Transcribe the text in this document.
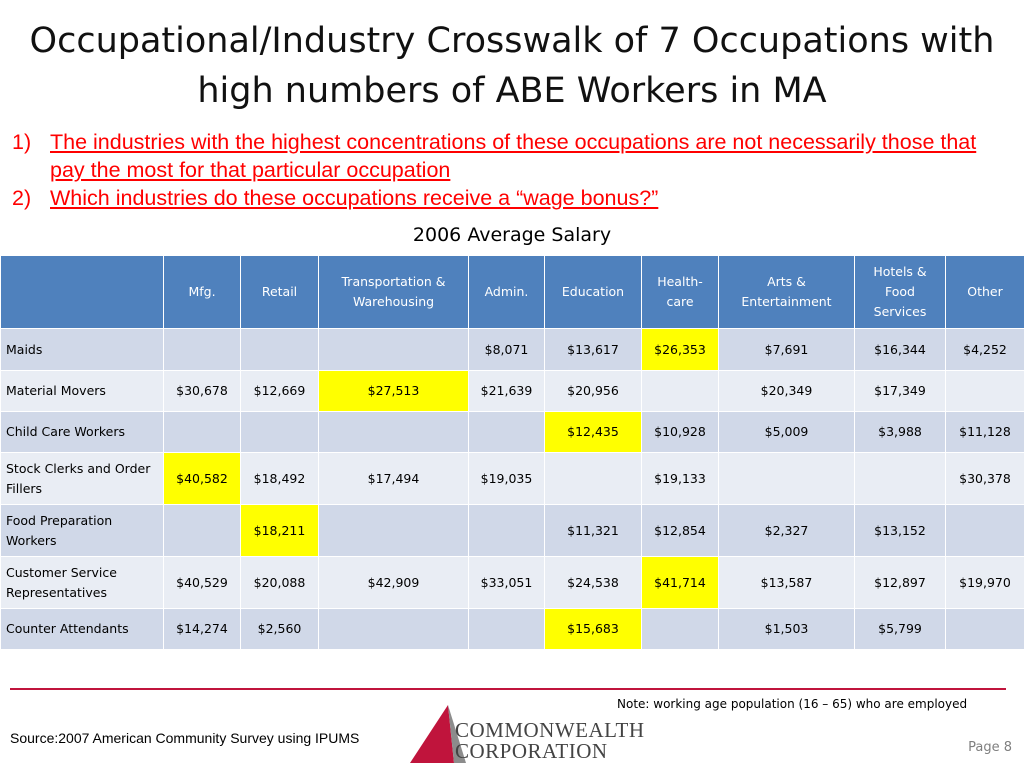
Occupational/Industry Crosswalk of 7 Occupations with
high numbers of ABE Workers in MA
1) The industries with the highest concentrations of these occupations are not necessarily those that pay the most for that particular occupation
2) Which industries do these occupations receive a “wage bonus?”
2006 Average Salary
	Mfg.	Retail	Transportation & Warehousing	Admin.	Education	Health-care	Arts & Entertainment	Hotels & Food Services	Other
Maids				$8,071	$13,617	$26,353	$7,691	$16,344	$4,252
Material Movers	$30,678	$12,669	$27,513	$21,639	$20,956		$20,349	$17,349	
Child Care Workers					$12,435	$10,928	$5,009	$3,988	$11,128
Stock Clerks and Order Fillers	$40,582	$18,492	$17,494	$19,035		$19,133			$30,378
Food Preparation Workers		$18,211			$11,321	$12,854	$2,327	$13,152	
Customer Service Representatives	$40,529	$20,088	$42,909	$33,051	$24,538	$41,714	$13,587	$12,897	$19,970
Counter Attendants	$14,274	$2,560			$15,683		$1,503	$5,799	
Note: working age population (16 – 65) who are employed
Source:2007 American Community Survey using IPUMS	COMMONWEALTH
CORPORATION	Page 8
